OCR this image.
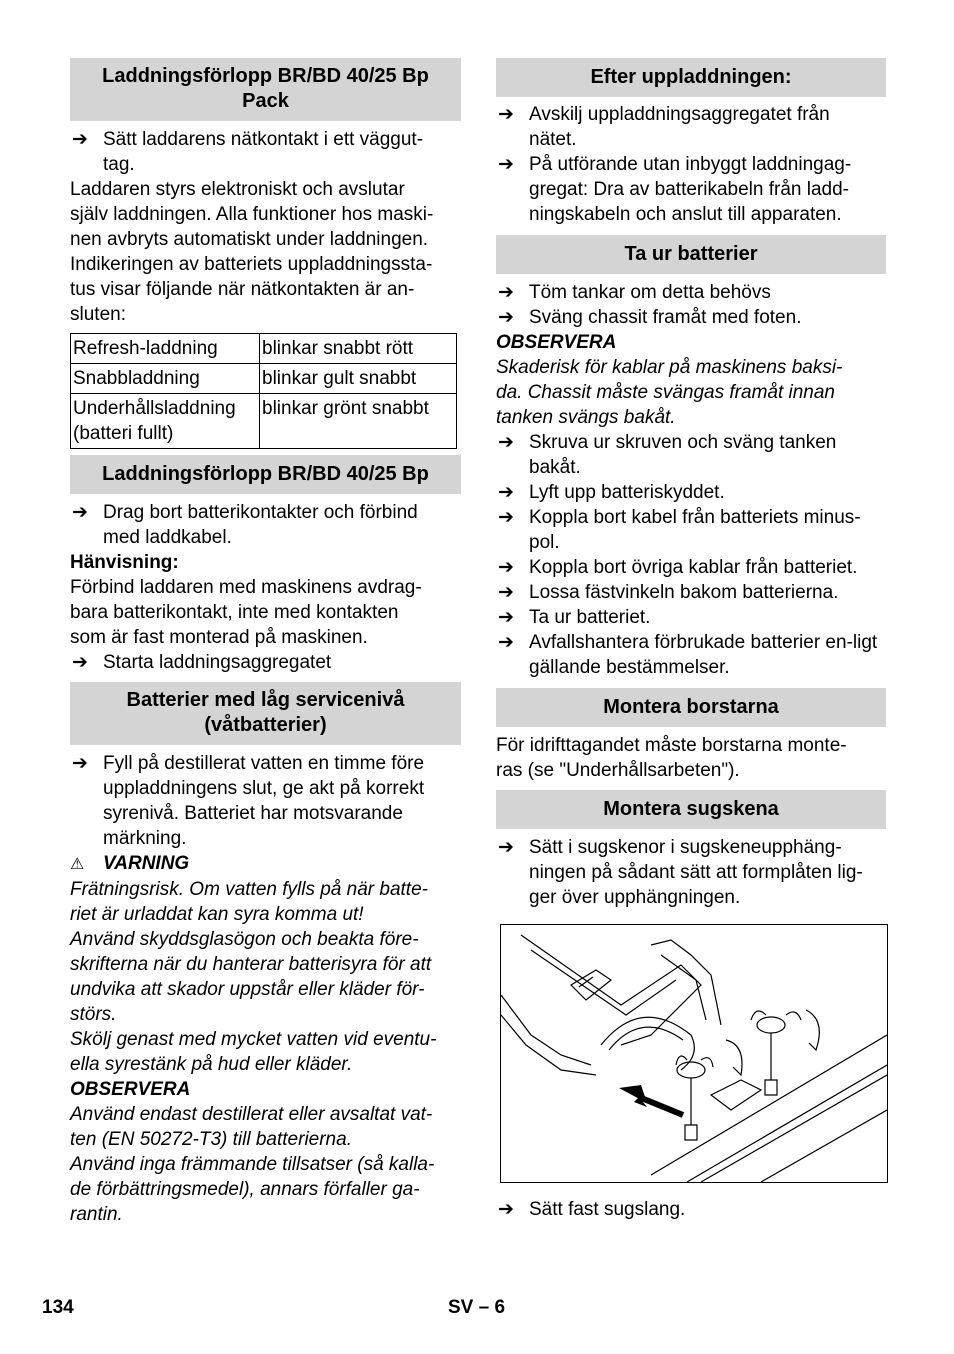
Laddningsförlopp BR/BD 40/25 Bp Pack
➔ Sätt laddarens nätkontakt i ett väggut-tag.
Laddaren styrs elektroniskt och avslutar
själv laddningen. Alla funktioner hos maski-
nen avbryts automatiskt under laddningen.
Indikeringen av batteriets uppladdningssta-
tus visar följande när nätkontakten är an-
sluten:
Refresh-laddning	blinkar snabbt rött
Snabbladdning	blinkar gult snabbt
Underhållsladdning (batteri fullt)	blinkar grönt snabbt
Laddningsförlopp BR/BD 40/25 Bp
➔ Drag bort batterikontakter och förbind med laddkabel.
Hänvisning:
Förbind laddaren med maskinens avdrag-
bara batterikontakt, inte med kontakten
som är fast monterad på maskinen.
➔ Starta laddningsaggregatet
Batterier med låg servicenivå (våtbatterier)
➔ Fyll på destillerat vatten en timme före uppladdningens slut, ge akt på korrekt syrenivå. Batteriet har motsvarande märkning.
⚠ VARNING
Frätningsrisk. Om vatten fylls på när batte-
riet är urladdat kan syra komma ut!
Använd skyddsglasögon och beakta före-
skrifterna när du hanterar batterisyra för att
undvika att skador uppstår eller kläder för-
störs.
Skölj genast med mycket vatten vid eventu-
ella syrestänk på hud eller kläder.
OBSERVERA
Använd endast destillerat eller avsaltat vat-
ten (EN 50272-T3) till batterierna.
Använd inga främmande tillsatser (så kalla-
de förbättringsmedel), annars förfaller ga-
rantin.
Efter uppladdningen:
➔ Avskilj uppladdningsaggregatet från nätet.
➔ På utförande utan inbyggt laddningag-gregat: Dra av batterikabeln från ladd-ningskabeln och anslut till apparaten.
Ta ur batterier
➔ Töm tankar om detta behövs
➔ Sväng chassit framåt med foten.
OBSERVERA
Skaderisk för kablar på maskinens baksi-
da. Chassit måste svängas framåt innan
tanken svängs bakåt.
➔ Skruva ur skruven och sväng tanken bakåt.
➔ Lyft upp batteriskyddet.
➔ Koppla bort kabel från batteriets minus-pol.
➔ Koppla bort övriga kablar från batteriet.
➔ Lossa fästvinkeln bakom batterierna.
➔ Ta ur batteriet.
➔ Avfallshantera förbrukade batterier en-ligt gällande bestämmelser.
Montera borstarna
För idrifttagandet måste borstarna monte-
ras (se "Underhållsarbeten").
Montera sugskena
➔ Sätt i sugskenor i sugskeneupphäng-ningen på sådant sätt att formplåten lig-ger över upphängningen.
➔ Sätt fast sugslang.
134	SV – 6
